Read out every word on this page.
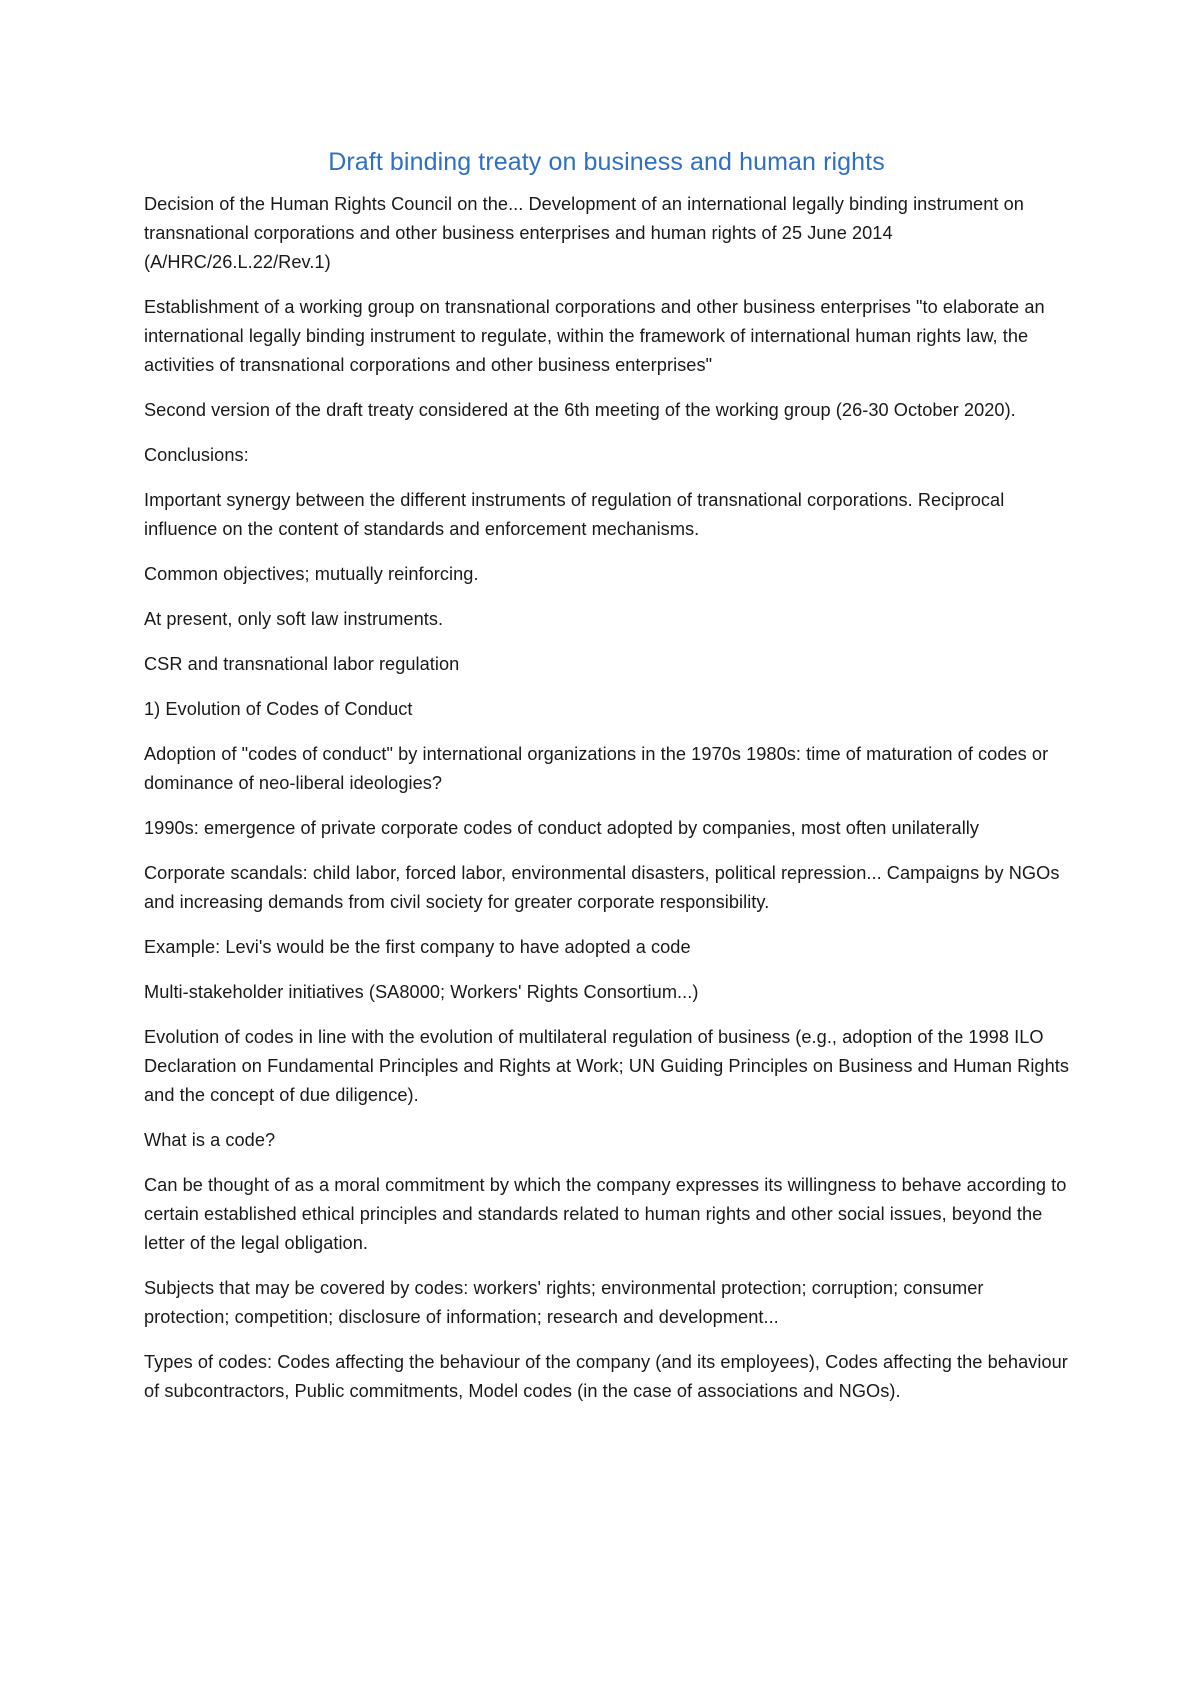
Draft binding treaty on business and human rights

Decision of the Human Rights Council on the... Development of an international legally binding instrument on transnational corporations and other business enterprises and human rights of 25 June 2014 (A/HRC/26.L.22/Rev.1)

Establishment of a working group on transnational corporations and other business enterprises "to elaborate an international legally binding instrument to regulate, within the framework of international human rights law, the activities of transnational corporations and other business enterprises"

Second version of the draft treaty considered at the 6th meeting of the working group (26-30 October 2020).

Conclusions:

Important synergy between the different instruments of regulation of transnational corporations. Reciprocal influence on the content of standards and enforcement mechanisms.

Common objectives; mutually reinforcing.

At present, only soft law instruments.

CSR and transnational labor regulation

1) Evolution of Codes of Conduct

Adoption of "codes of conduct" by international organizations in the 1970s 1980s: time of maturation of codes or dominance of neo-liberal ideologies?

1990s: emergence of private corporate codes of conduct adopted by companies, most often unilaterally

Corporate scandals: child labor, forced labor, environmental disasters, political repression... Campaigns by NGOs and increasing demands from civil society for greater corporate responsibility.

Example: Levi's would be the first company to have adopted a code

Multi-stakeholder initiatives (SA8000; Workers' Rights Consortium...)

Evolution of codes in line with the evolution of multilateral regulation of business (e.g., adoption of the 1998 ILO Declaration on Fundamental Principles and Rights at Work; UN Guiding Principles on Business and Human Rights and the concept of due diligence).

What is a code?

Can be thought of as a moral commitment by which the company expresses its willingness to behave according to certain established ethical principles and standards related to human rights and other social issues, beyond the letter of the legal obligation.

Subjects that may be covered by codes: workers' rights; environmental protection; corruption; consumer protection; competition; disclosure of information; research and development...

Types of codes: Codes affecting the behaviour of the company (and its employees), Codes affecting the behaviour of subcontractors, Public commitments, Model codes (in the case of associations and NGOs).
